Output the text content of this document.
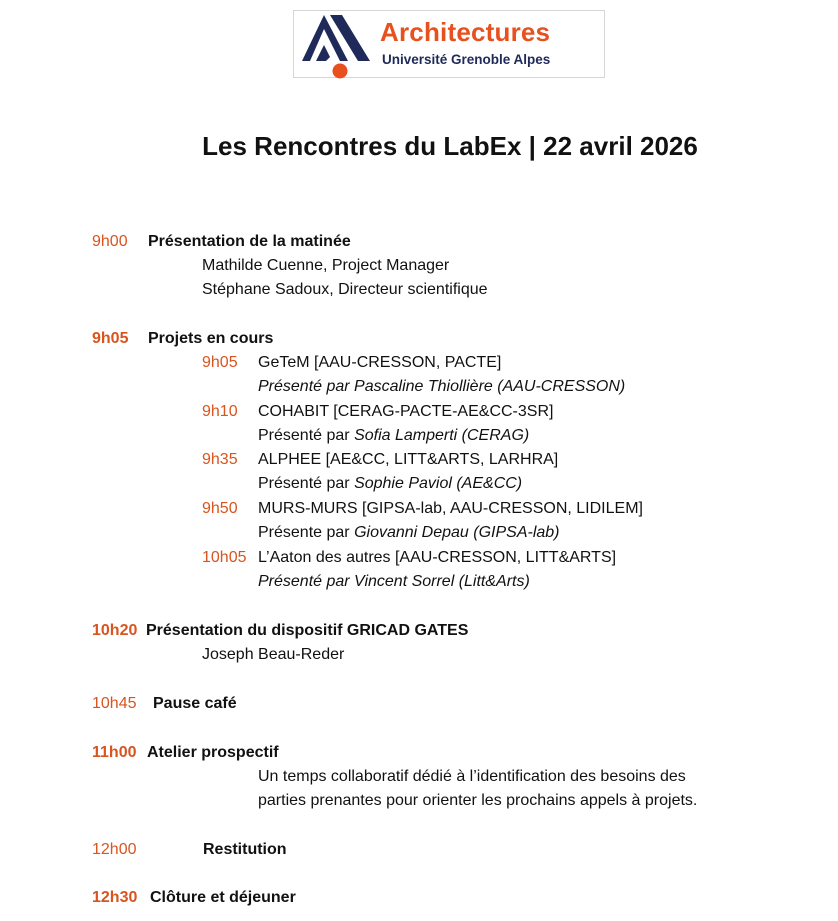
Architectures
Université Grenoble Alpes
Les Rencontres du LabEx | 22 avril 2026
9h00 Présentation de la matinée
Mathilde Cuenne, Project Manager
Stéphane Sadoux, Directeur scientifique
9h05 Projets en cours
9h05 GeTeM [AAU-CRESSON, PACTE]
Présenté par Pascaline Thiollière (AAU-CRESSON)
9h10 COHABIT [CERAG-PACTE-AE&CC-3SR]
Présenté par Sofia Lamperti (CERAG)
9h35 ALPHEE [AE&CC, LITT&ARTS, LARHRA]
Présenté par Sophie Paviol (AE&CC)
9h50 MURS-MURS [GIPSA-lab, AAU-CRESSON, LIDILEM]
Présente par Giovanni Depau (GIPSA-lab)
10h05 L’Aaton des autres [AAU-CRESSON, LITT&ARTS]
Présenté par Vincent Sorrel (Litt&Arts)
10h20 Présentation du dispositif GRICAD GATES
Joseph Beau-Reder
10h45 Pause café
11h00 Atelier prospectif
Un temps collaboratif dédié à l’identification des besoins des
parties prenantes pour orienter les prochains appels à projets.
12h00	Restitution
12h30 Clôture et déjeuner
